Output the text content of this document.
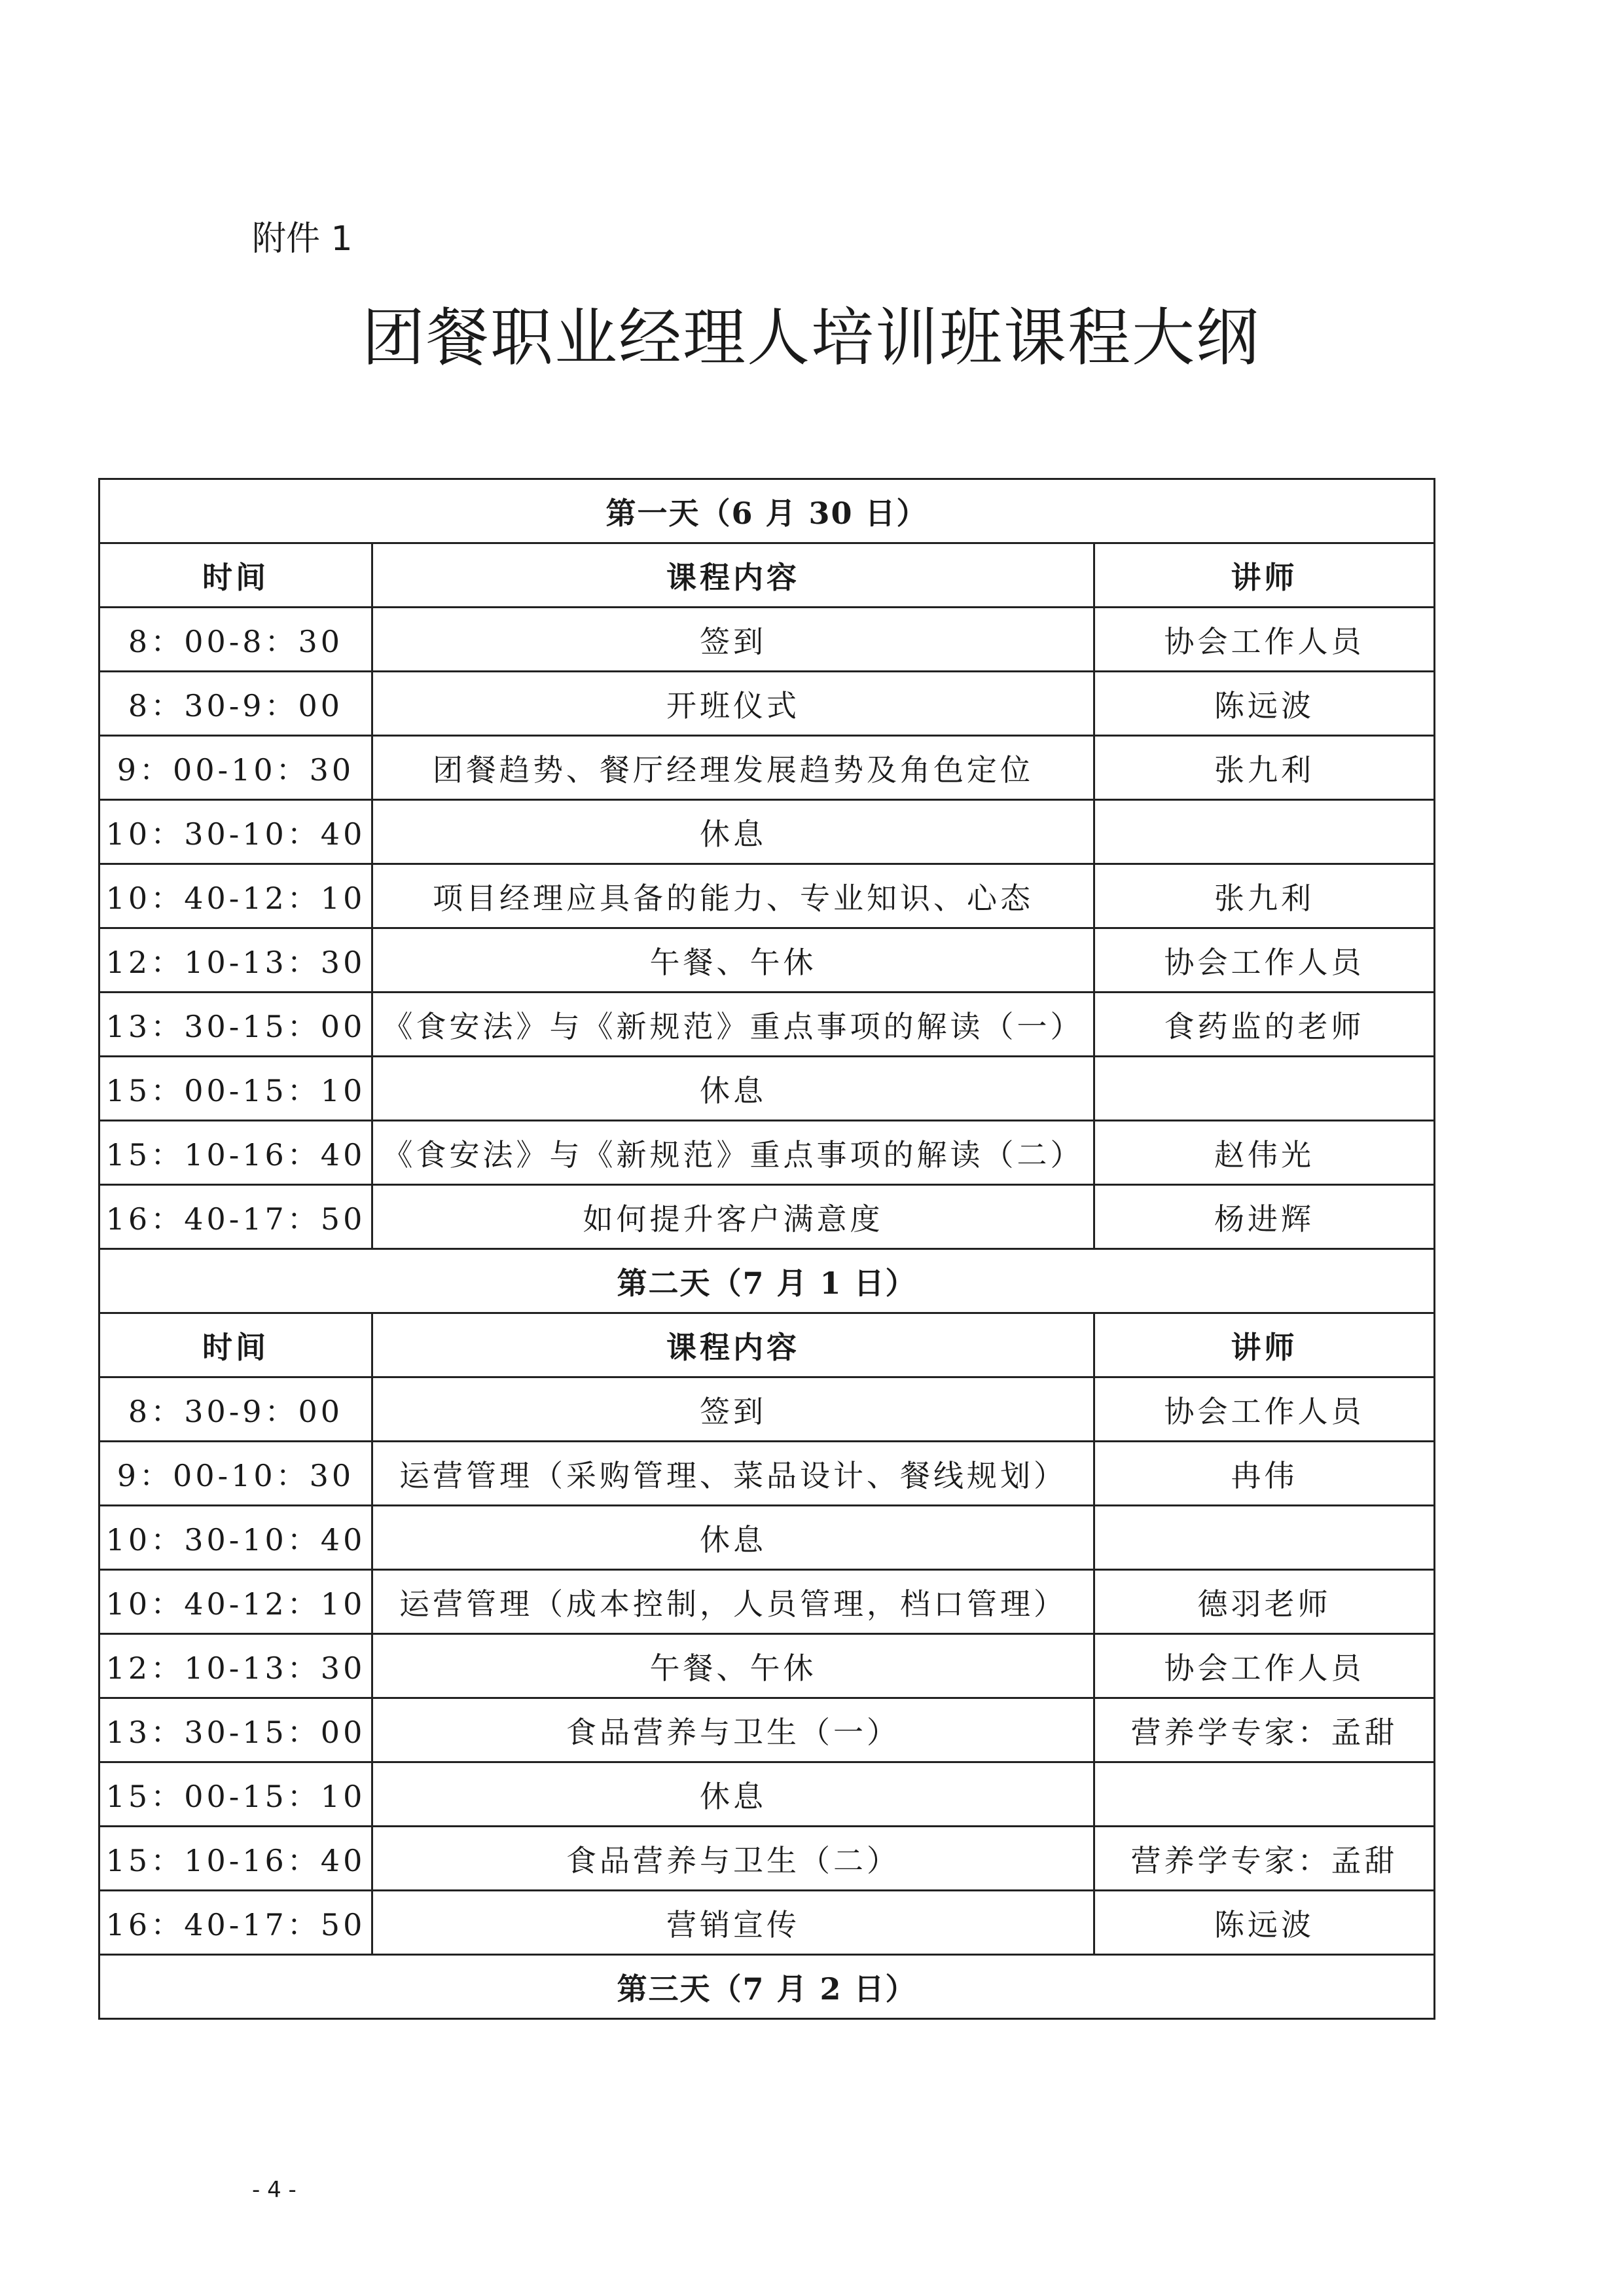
附件 1
团餐职业经理人培训班课程大纲
第一天（6 月 30 日）		
时间	课程内容	讲师
8：00-8：30	签到	协会工作人员
8：30-9：00	开班仪式	陈远波
9：00-10：30	团餐趋势、餐厅经理发展趋势及角色定位	张九利
10：30-10：40	休息	
10：40-12：10	项目经理应具备的能力、专业知识、心态	张九利
12：10-13：30	午餐、午休	协会工作人员
13：30-15：00	《食安法》与《新规范》重点事项的解读（一）	食药监的老师
15：00-15：10	休息	
15：10-16：40	《食安法》与《新规范》重点事项的解读（二）	赵伟光
16：40-17：50	如何提升客户满意度	杨进辉
第二天（7 月 1 日）		
时间	课程内容	讲师
8：30-9：00	签到	协会工作人员
9：00-10：30	运营管理（采购管理、菜品设计、餐线规划）	冉伟
10：30-10：40	休息	
10：40-12：10	运营管理（成本控制，人员管理，档口管理）	德羽老师
12：10-13：30	午餐、午休	协会工作人员
13：30-15：00	食品营养与卫生（一）	营养学专家：孟甜
15：00-15：10	休息	
15：10-16：40	食品营养与卫生（二）	营养学专家：孟甜
16：40-17：50	营销宣传	陈远波
第三天（7 月 2 日）		
- 4 -
